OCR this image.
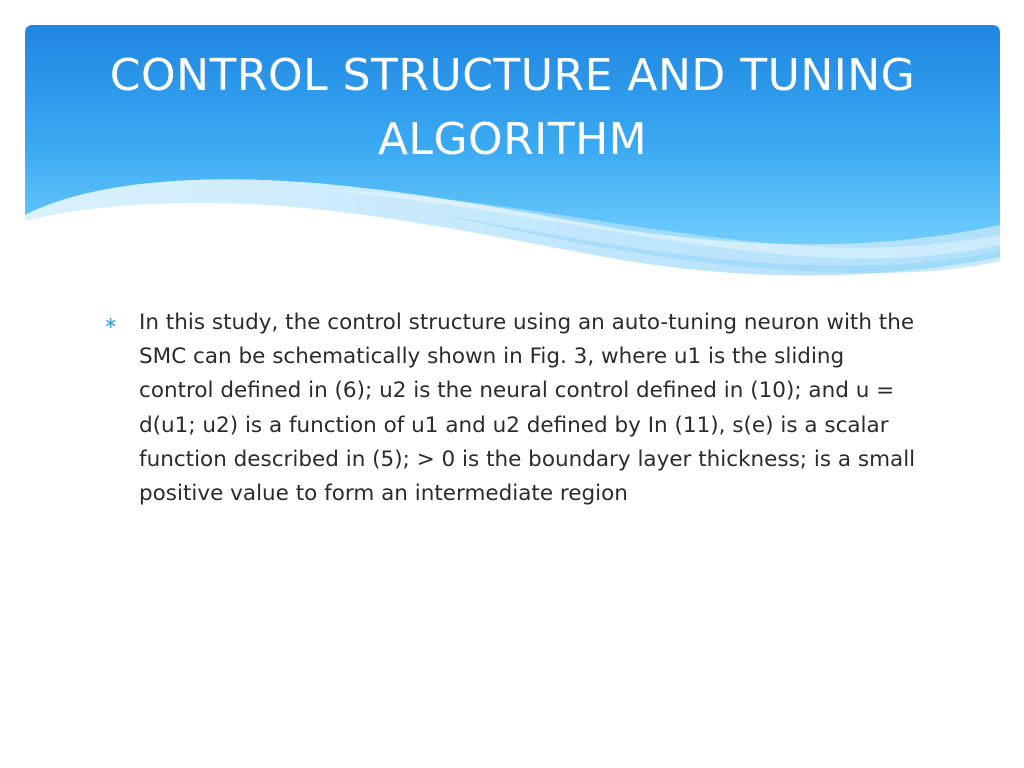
CONTROL STRUCTURE AND TUNING ALGORITHM
∗ In this study, the control structure using an auto-tuning neuron with the SMC can be schematically shown in Fig. 3, where u1 is the sliding control defined in (6); u2 is the neural control defined in (10); and u = d(u1; u2) is a function of u1 and u2 defined by In (11), s(e) is a scalar function described in (5); > 0 is the boundary layer thickness; is a small positive value to form an intermediate region
